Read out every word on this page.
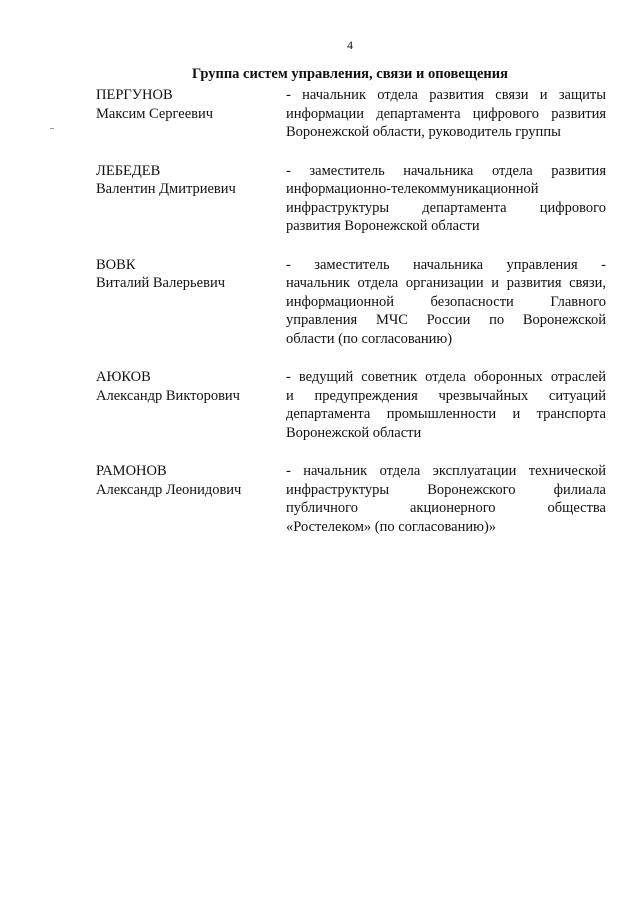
4
Группа систем управления, связи и оповещения
ПЕРГУНОВ
Максим Сергеевич
- начальник отдела развития связи и защиты
информации департамента цифрового развития
Воронежской области, руководитель группы
ЛЕБЕДЕВ
Валентин Дмитриевич
- заместитель начальника отдела развития
информационно-телекоммуникационной
инфраструктуры департамента цифрового
развития Воронежской области
ВОВК
Виталий Валерьевич
- заместитель начальника управления -
начальник отдела организации и развития связи,
информационной безопасности Главного
управления МЧС России по Воронежской
области (по согласованию)
АЮКОВ
Александр Викторович
- ведущий советник отдела оборонных отраслей
и предупреждения чрезвычайных ситуаций
департамента промышленности и транспорта
Воронежской области
РАМОНОВ
Александр Леонидович
- начальник отдела эксплуатации технической
инфраструктуры Воронежского филиала
публичного акционерного общества
«Ростелеком» (по согласованию)»
